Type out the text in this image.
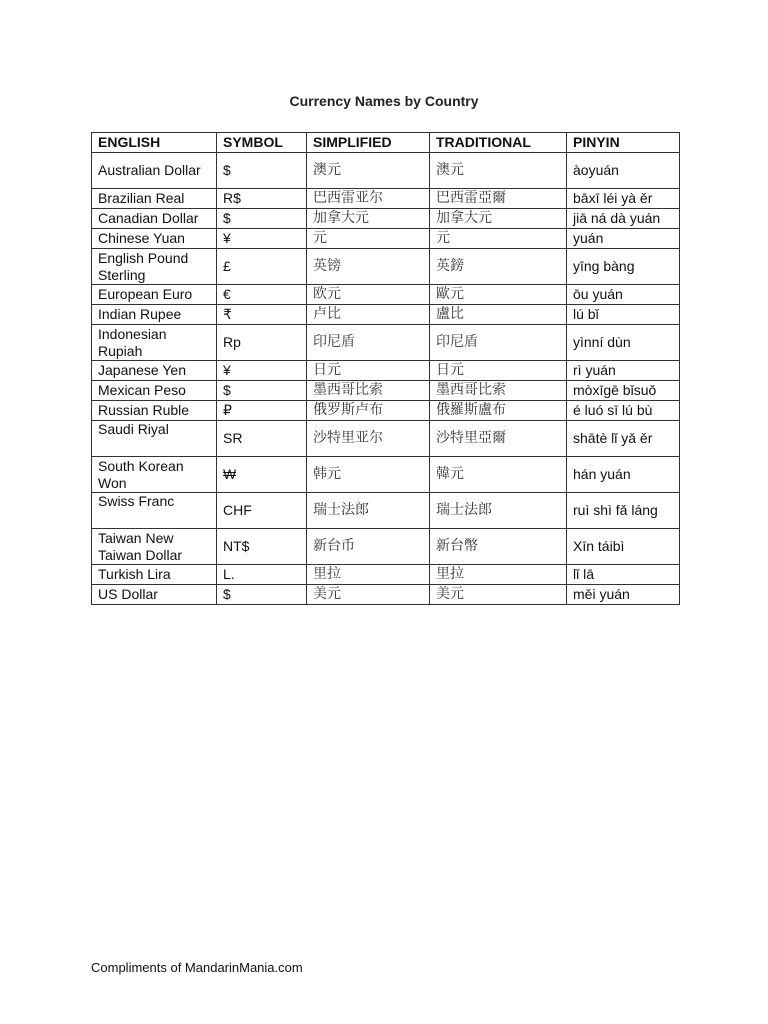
Currency Names by Country
ENGLISH	SYMBOL	SIMPLIFIED	TRADITIONAL	PINYIN
Australian Dollar	$	澳元	澳元	àoyuán
Brazilian Real	R$	巴西雷亚尔	巴西雷亞爾	bāxī léi yà ěr
Canadian Dollar	$	加拿大元	加拿大元	jiā ná dà yuán
Chinese Yuan	¥	元	元	yuán
English Pound Sterling	£	英镑	英鎊	yīng bàng
European Euro	€	欧元	歐元	ōu yuán
Indian Rupee	₹	卢比	盧比	lú bǐ
Indonesian Rupiah	Rp	印尼盾	印尼盾	yìnní dùn
Japanese Yen	¥	日元	日元	rì yuán
Mexican Peso	$	墨西哥比索	墨西哥比索	mòxīgē bǐsuǒ
Russian Ruble	₽	俄罗斯卢布	俄羅斯盧布	é luó sī lú bù
Saudi Riyal	SR	沙特里亚尔	沙特里亞爾	shātè lǐ yǎ ěr
South Korean Won	₩	韩元	韓元	hán yuán
Swiss Franc	CHF	瑞士法郎	瑞士法郎	ruì shì fǎ láng
Taiwan New Taiwan Dollar	NT$	新台币	新台幣	Xīn táibì
Turkish Lira	L.	里拉	里拉	lǐ lā
US Dollar	$	美元	美元	měi yuán
Compliments of MandarinMania.com
